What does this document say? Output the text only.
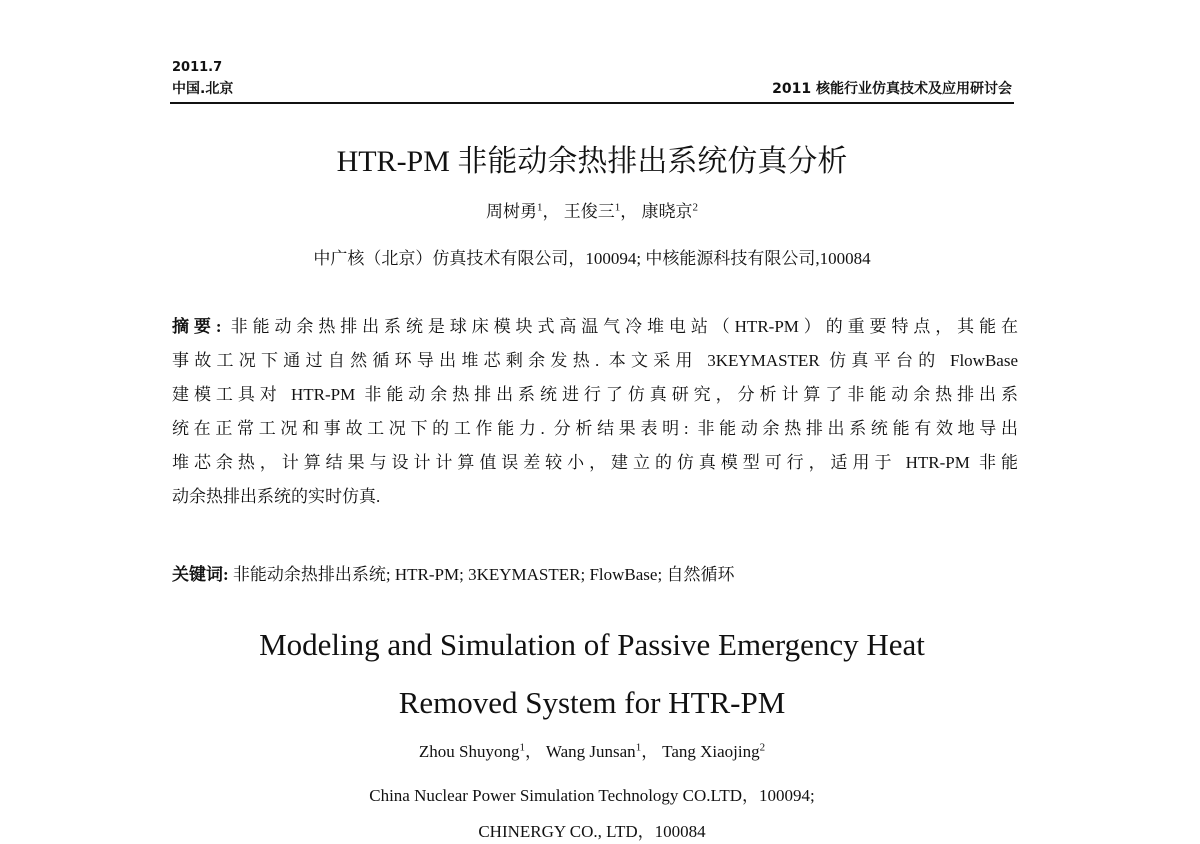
2011.7
中国.北京	2011 核能行业仿真技术及应用研讨会
HTR-PM 非能动余热排出系统仿真分析
周树勇$^1$， 王俊三$^1$， 康晓京$^2$
中广核（北京）仿真技术有限公司，100094; 中核能源科技有限公司,100084
摘要: 非能动余热排出系统是球床模块式高温气冷堆电站（HTR-PM）的重要特点，其能在
事故工况下通过自然循环导出堆芯剩余发热. 本文采用 3KEYMASTER 仿真平台的 FlowBase
建模工具对 HTR-PM 非能动余热排出系统进行了仿真研究，分析计算了非能动余热排出系
统在正常工况和事故工况下的工作能力. 分析结果表明: 非能动余热排出系统能有效地导出
堆芯余热，计算结果与设计计算值误差较小，建立的仿真模型可行，适用于 HTR-PM 非能
动余热排出系统的实时仿真.
关键词: 非能动余热排出系统; HTR-PM; 3KEYMASTER; FlowBase; 自然循环
Modeling and Simulation of Passive Emergency Heat
Removed System for HTR-PM
Zhou Shuyong$^1$， Wang Junsan$^1$， Tang Xiaojing$^2$
China Nuclear Power Simulation Technology CO.LTD，100094;
CHINERGY CO., LTD，100084
